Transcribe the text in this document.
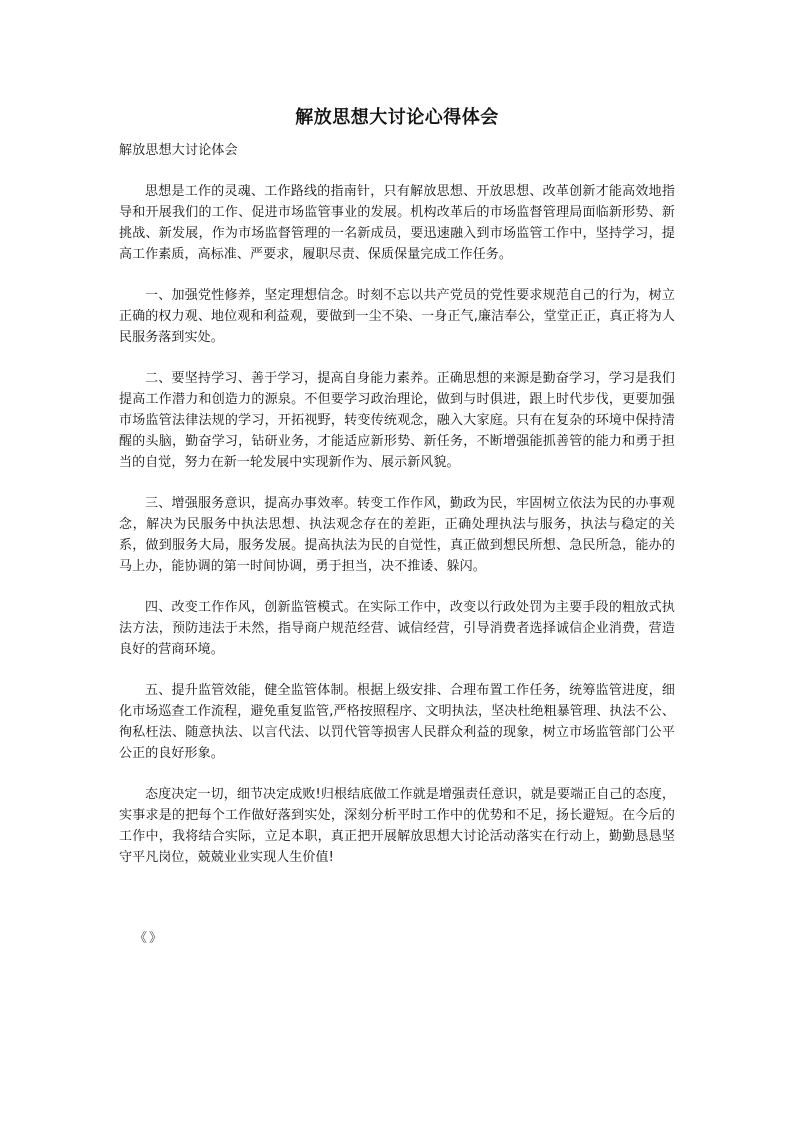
解放思想大讨论心得体会
解放思想大讨论体会

思想是工作的灵魂、工作路线的指南针，只有解放思想、开放思想、改革创新才能高效地指导和开展我们的工作、促进市场监管事业的发展。机构改革后的市场监督管理局面临新形势、新挑战、新发展，作为市场监督管理的一名新成员，要迅速融入到市场监管工作中，坚持学习，提高工作素质，高标准、严要求，履职尽责、保质保量完成工作任务。

一、加强党性修养，坚定理想信念。时刻不忘以共产党员的党性要求规范自己的行为，树立正确的权力观、地位观和利益观，要做到一尘不染、一身正气,廉洁奉公，堂堂正正，真正将为人民服务落到实处。

二、要坚持学习、善于学习，提高自身能力素养。正确思想的来源是勤奋学习，学习是我们提高工作潜力和创造力的源泉。不但要学习政治理论，做到与时俱进，跟上时代步伐，更要加强市场监管法律法规的学习，开拓视野，转变传统观念，融入大家庭。只有在复杂的环境中保持清醒的头脑，勤奋学习，钻研业务，才能适应新形势、新任务，不断增强能抓善管的能力和勇于担当的自觉，努力在新一轮发展中实现新作为、展示新风貌。

三、增强服务意识，提高办事效率。转变工作作风，勤政为民，牢固树立依法为民的办事观念，解决为民服务中执法思想、执法观念存在的差距，正确处理执法与服务，执法与稳定的关系，做到服务大局，服务发展。提高执法为民的自觉性，真正做到想民所想、急民所急，能办的马上办，能协调的第一时间协调，勇于担当，决不推诿、躲闪。

四、改变工作作风，创新监管模式。在实际工作中，改变以行政处罚为主要手段的粗放式执法方法，预防违法于未然，指导商户规范经营、诚信经营，引导消费者选择诚信企业消费，营造良好的营商环境。

五、提升监管效能，健全监管体制。根据上级安排、合理布置工作任务，统筹监管进度，细化市场巡查工作流程，避免重复监管,严格按照程序、文明执法，坚决杜绝粗暴管理、执法不公、徇私枉法、随意执法、以言代法、以罚代管等损害人民群众利益的现象，树立市场监管部门公平公正的良好形象。

态度决定一切，细节决定成败!归根结底做工作就是增强责任意识，就是要端正自己的态度，实事求是的把每个工作做好落到实处，深刻分析平时工作中的优势和不足，扬长避短。在今后的工作中，我将结合实际，立足本职，真正把开展解放思想大讨论活动落实在行动上，勤勤恳恳坚守平凡岗位，兢兢业业实现人生价值!

《》
